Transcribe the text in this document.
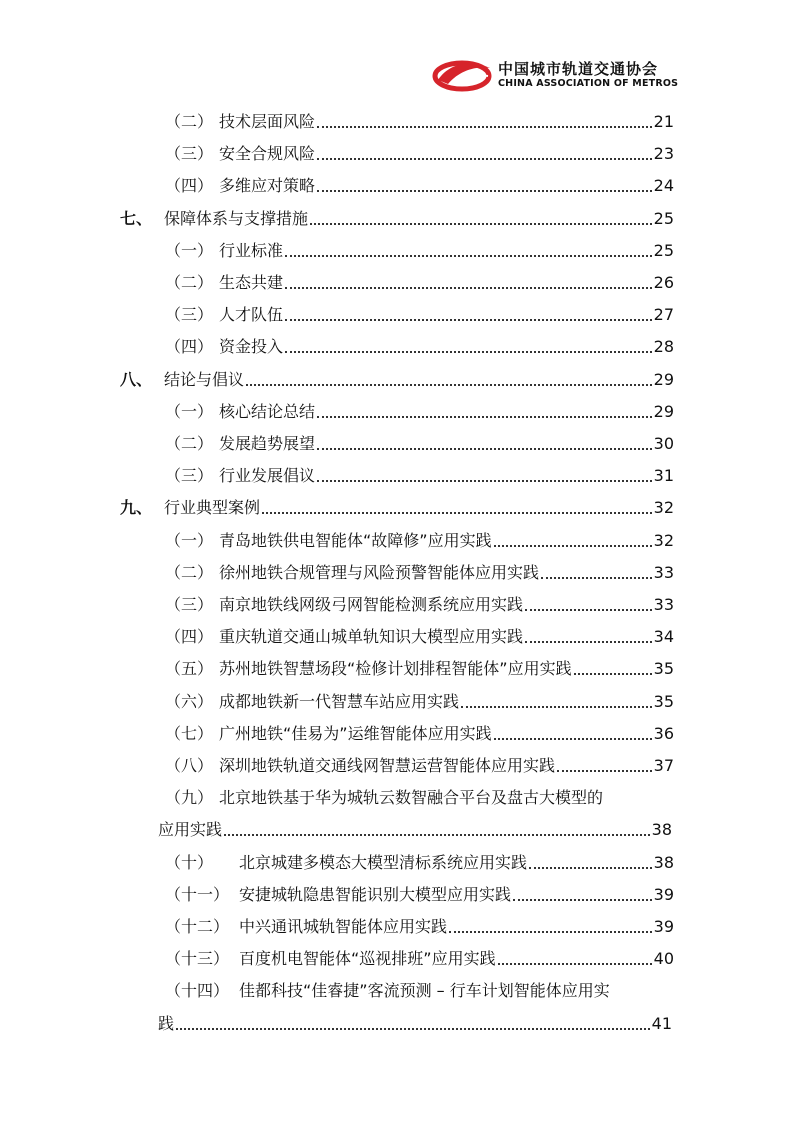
中国城市轨道交通协会
CHINA ASSOCIATION OF METROS
（二） 技术层面风险	21
（三） 安全合规风险	23
（四） 多维应对策略	24
七、 保障体系与支撑措施	25
（一） 行业标准	25
（二） 生态共建	26
（三） 人才队伍	27
（四） 资金投入	28
八、 结论与倡议	29
（一） 核心结论总结	29
（二） 发展趋势展望	30
（三） 行业发展倡议	31
九、 行业典型案例	32
（一） 青岛地铁供电智能体“故障修”应用实践	32
（二） 徐州地铁合规管理与风险预警智能体应用实践	33
（三） 南京地铁线网级弓网智能检测系统应用实践	33
（四） 重庆轨道交通山城单轨知识大模型应用实践	34
（五） 苏州地铁智慧场段“检修计划排程智能体”应用实践	35
（六） 成都地铁新一代智慧车站应用实践	35
（七） 广州地铁“佳易为”运维智能体应用实践	36
（八） 深圳地铁轨道交通线网智慧运营智能体应用实践	37
（九） 北京地铁基于华为城轨云数智融合平台及盘古大模型的
应用实践	38
（十）	北京城建多模态大模型清标系统应用实践	38
（十一） 安捷城轨隐患智能识别大模型应用实践	39
（十二） 中兴通讯城轨智能体应用实践	39
（十三） 百度机电智能体“巡视排班”应用实践	40
（十四） 佳都科技“佳睿捷”客流预测 – 行车计划智能体应用实
践	41
